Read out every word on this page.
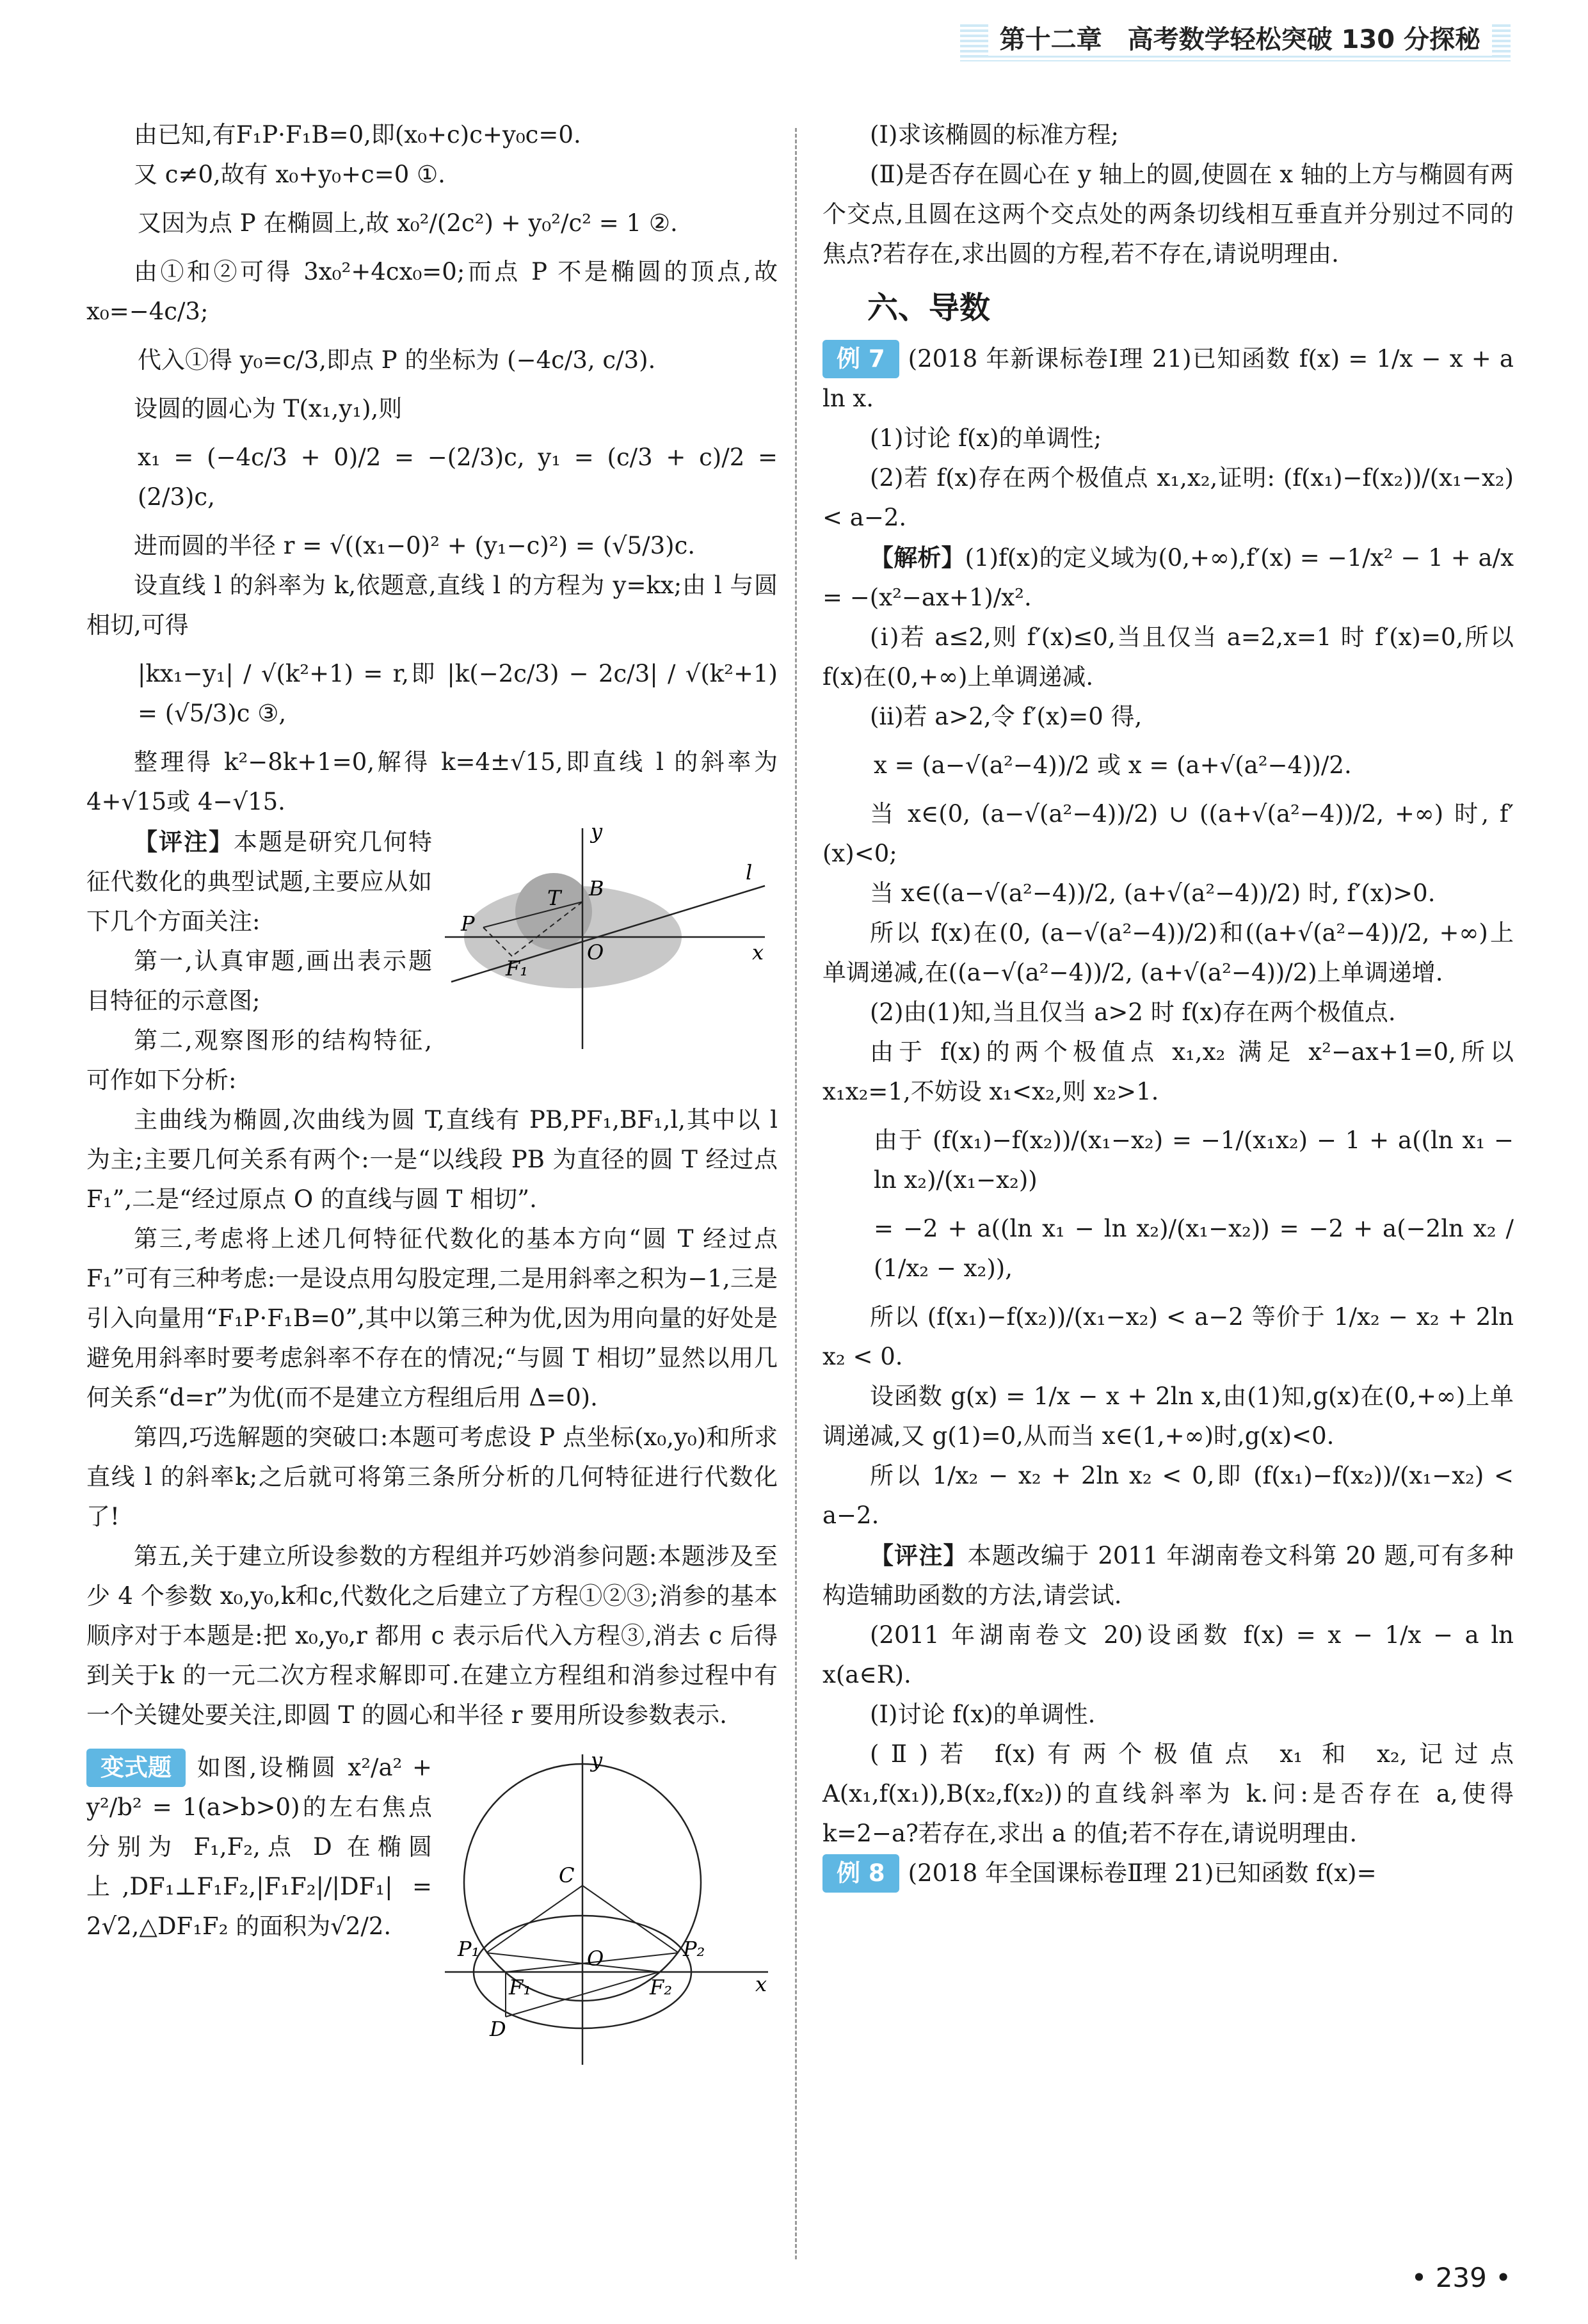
第十二章　高考数学轻松突破 130 分探秘

由已知,有F₁P·F₁B=0,即(x₀+c)c+y₀c=0.

又 c≠0,故有 x₀+y₀+c=0 ①.

又因为点 P 在椭圆上,故 x₀²/(2c²) + y₀²/c² = 1 ②.

由①和②可得 3x₀²+4cx₀=0;而点 P 不是椭圆的顶点,故 x₀=−4c/3;

代入①得 y₀=c/3,即点 P 的坐标为 (−4c/3, c/3).

设圆的圆心为 T(x₁,y₁),则

x₁ = (−4c/3 + 0)/2 = −(2/3)c, y₁ = (c/3 + c)/2 = (2/3)c,

进而圆的半径 r = √((x₁−0)² + (y₁−c)²) = (√5/3)c.

设直线 l 的斜率为 k,依题意,直线 l 的方程为 y=kx;由 l 与圆相切,可得

|kx₁−y₁| / √(k²+1) = r,即 |k(−2c/3) − 2c/3| / √(k²+1) = (√5/3)c ③,

整理得 k²−8k+1=0,解得 k=4±√15,即直线 l 的斜率为 4+√15或 4−√15.

【评注】本题是研究几何特征代数化的典型试题,主要应从如下几个方面关注:

第一,认真审题,画出表示题目特征的示意图;

第二,观察图形的结构特征,可作如下分析:

y
B
T
l
P
O
F₁
x

主曲线为椭圆,次曲线为圆 T,直线有 PB,PF₁,BF₁,l,其中以 l 为主;主要几何关系有两个:一是“以线段 PB 为直径的圆 T 经过点 F₁”,二是“经过原点 O 的直线与圆 T 相切”.

第三,考虑将上述几何特征代数化的基本方向“圆 T 经过点 F₁”可有三种考虑:一是设点用勾股定理,二是用斜率之积为−1,三是引入向量用“F₁P·F₁B=0”,其中以第三种为优,因为用向量的好处是避免用斜率时要考虑斜率不存在的情况;“与圆 T 相切”显然以用几何关系“d=r”为优(而不是建立方程组后用 Δ=0).

第四,巧选解题的突破口:本题可考虑设 P 点坐标(x₀,y₀)和所求直线 l 的斜率k;之后就可将第三条所分析的几何特征进行代数化了!

第五,关于建立所设参数的方程组并巧妙消参问题:本题涉及至少 4 个参数 x₀,y₀,k和c,代数化之后建立了方程①②③;消参的基本顺序对于本题是:把 x₀,y₀,r 都用 c 表示后代入方程③,消去 c 后得到关于k 的一元二次方程求解即可.在建立方程组和消参过程中有一个关键处要关注,即圆 T 的圆心和半径 r 要用所设参数表示.

变式题 如图,设椭圆 x²/a² + y²/b² = 1(a>b>0)的左右焦点分别为 F₁,F₂,点 D 在椭圆上,DF₁⊥F₁F₂,|F₁F₂|/|DF₁| = 2√2,△DF₁F₂ 的面积为√2/2.

y
C
P₁	O	P₂
F₁	F₂
D
x

(Ⅰ)求该椭圆的标准方程;

(Ⅱ)是否存在圆心在 y 轴上的圆,使圆在 x 轴的上方与椭圆有两个交点,且圆在这两个交点处的两条切线相互垂直并分别过不同的焦点?若存在,求出圆的方程,若不存在,请说明理由.

六、导数

例 7 (2018 年新课标卷Ⅰ理 21)已知函数 f(x) = 1/x − x + a ln x.

(1)讨论 f(x)的单调性;

(2)若 f(x)存在两个极值点 x₁,x₂,证明: (f(x₁)−f(x₂))/(x₁−x₂) < a−2.

【解析】(1)f(x)的定义域为(0,+∞),f′(x) = −1/x² − 1 + a/x = −(x²−ax+1)/x².

(ⅰ)若 a≤2,则 f′(x)≤0,当且仅当 a=2,x=1 时 f′(x)=0,所以 f(x)在(0,+∞)上单调递减.

(ⅱ)若 a>2,令 f′(x)=0 得,

x = (a−√(a²−4))/2 或 x = (a+√(a²−4))/2.

当 x∈(0, (a−√(a²−4))/2) ∪ ((a+√(a²−4))/2, +∞) 时, f′(x)<0;

当 x∈((a−√(a²−4))/2, (a+√(a²−4))/2) 时, f′(x)>0.

所以 f(x)在(0, (a−√(a²−4))/2)和((a+√(a²−4))/2, +∞)上单调递减,在((a−√(a²−4))/2, (a+√(a²−4))/2)上单调递增.

(2)由(1)知,当且仅当 a>2 时 f(x)存在两个极值点.

由于 f(x)的两个极值点 x₁,x₂ 满足 x²−ax+1=0,所以 x₁x₂=1,不妨设 x₁<x₂,则 x₂>1.

由于 (f(x₁)−f(x₂))/(x₁−x₂) = −1/(x₁x₂) − 1 + a((ln x₁ − ln x₂)/(x₁−x₂))

= −2 + a((ln x₁ − ln x₂)/(x₁−x₂)) = −2 + a(−2ln x₂ / (1/x₂ − x₂)),

所以 (f(x₁)−f(x₂))/(x₁−x₂) < a−2 等价于 1/x₂ − x₂ + 2ln x₂ < 0.

设函数 g(x) = 1/x − x + 2ln x,由(1)知,g(x)在(0,+∞)上单调递减,又 g(1)=0,从而当 x∈(1,+∞)时,g(x)<0.

所以 1/x₂ − x₂ + 2ln x₂ < 0,即 (f(x₁)−f(x₂))/(x₁−x₂) < a−2.

【评注】本题改编于 2011 年湖南卷文科第 20 题,可有多种构造辅助函数的方法,请尝试.

(2011 年湖南卷文 20)设函数 f(x) = x − 1/x − a ln x(a∈R).

(Ⅰ)讨论 f(x)的单调性.

(Ⅱ)若 f(x)有两个极值点 x₁ 和 x₂,记过点 A(x₁,f(x₁)),B(x₂,f(x₂))的直线斜率为 k.问:是否存在 a,使得 k=2−a?若存在,求出 a 的值;若不存在,请说明理由.

例 8 (2018 年全国课标卷Ⅱ理 21)已知函数 f(x)=

• 239 •
